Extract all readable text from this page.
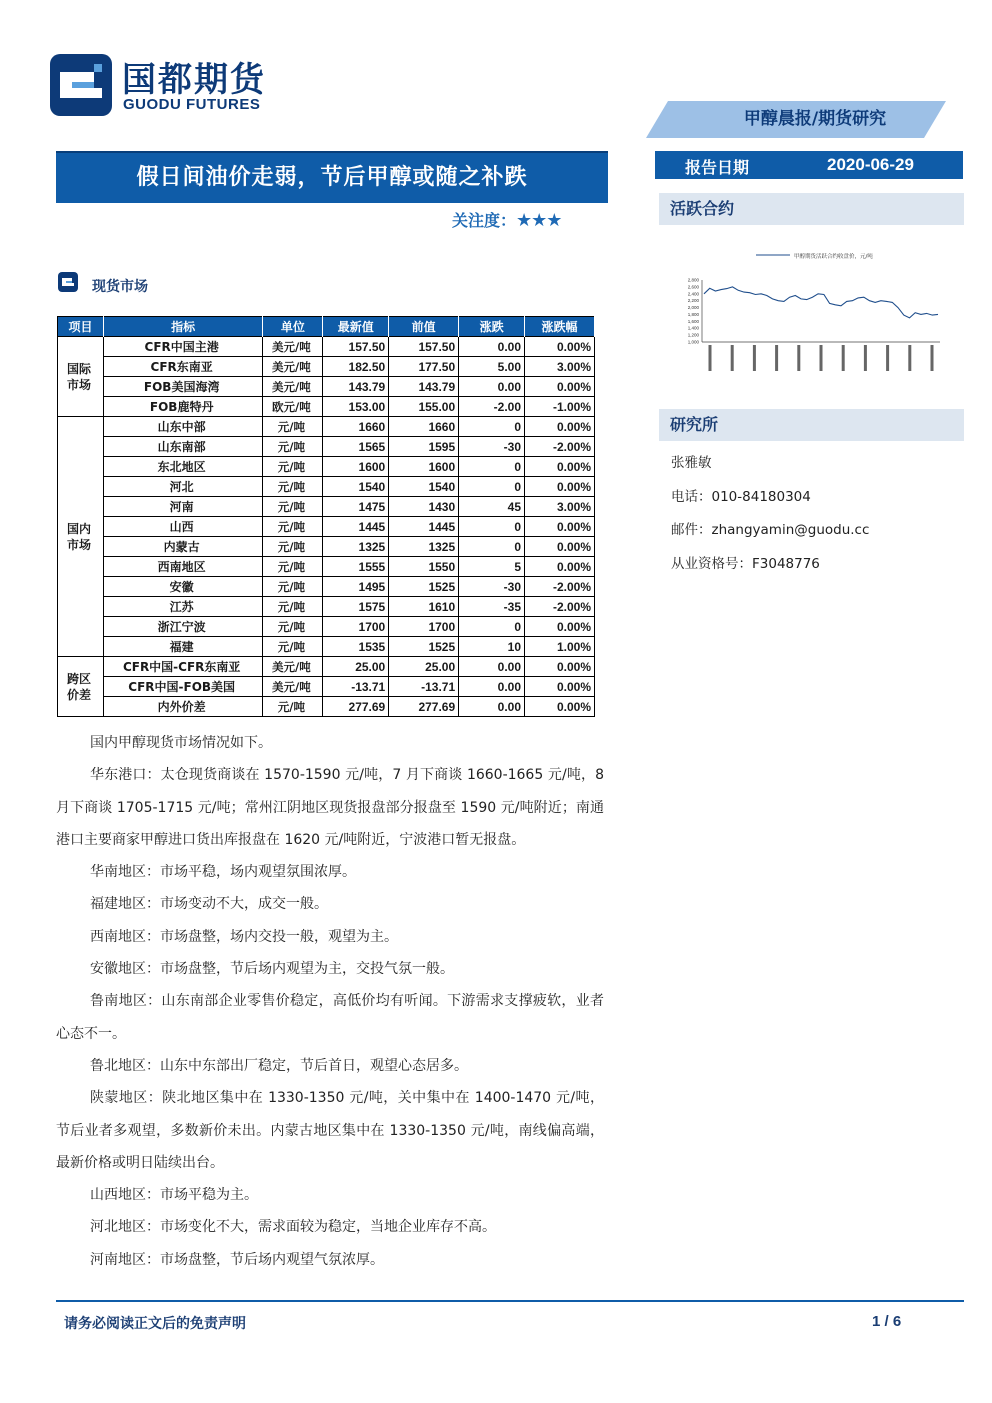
国都期货
GUODU FUTURES
甲醇晨报/期货研究
报告日期	2020-06-29
活跃合约
甲醇期货活跃合约收盘价，元/吨
2,800
2,600
2,400
2,200
2,000
1,800
1,600
1,400
1,200
1,000
研究所
张雅敏
电话：010-84180304
邮件：zhangyamin@guodu.cc
从业资格号：F3048776
假日间油价走弱，节后甲醇或随之补跌
关注度：★★★
现货市场
项目	指标	单位	最新值	前值	涨跌	涨跌幅

国际
市场	CFR中国主港	美元/吨	157.50	157.50	0.00	0.00%
	CFR东南亚	美元/吨	182.50	177.50	5.00	3.00%
	FOB美国海湾	美元/吨	143.79	143.79	0.00	0.00%
	FOB鹿特丹	欧元/吨	153.00	155.00	-2.00	-1.00%

国内
市场	山东中部	元/吨	1660	1660	0	0.00%
	山东南部	元/吨	1565	1595	-30	-2.00%
	东北地区	元/吨	1600	1600	0	0.00%
	河北	元/吨	1540	1540	0	0.00%
	河南	元/吨	1475	1430	45	3.00%
	山西	元/吨	1445	1445	0	0.00%
	内蒙古	元/吨	1325	1325	0	0.00%
	西南地区	元/吨	1555	1550	5	0.00%
	安徽	元/吨	1495	1525	-30	-2.00%
	江苏	元/吨	1575	1610	-35	-2.00%
	浙江宁波	元/吨	1700	1700	0	0.00%
	福建	元/吨	1535	1525	10	1.00%

跨区
价差	CFR中国-CFR东南亚	美元/吨	25.00	25.00	0.00	0.00%
	CFR中国-FOB美国	美元/吨	-13.71	-13.71	0.00	0.00%
	内外价差	元/吨	277.69	277.69	0.00	0.00%

国内甲醇现货市场情况如下。

华东港口：太仓现货商谈在 1570-1590 元/吨，7 月下商谈 1660-1665 元/吨，8 月下商谈 1705-1715 元/吨；常州江阴地区现货报盘部分报盘至 1590 元/吨附近；南通港口主要商家甲醇进口货出库报盘在 1620 元/吨附近，宁波港口暂无报盘。

华南地区：市场平稳，场内观望氛围浓厚。

福建地区：市场变动不大，成交一般。

西南地区：市场盘整，场内交投一般，观望为主。

安徽地区：市场盘整，节后场内观望为主，交投气氛一般。

鲁南地区：山东南部企业零售价稳定，高低价均有听闻。下游需求支撑疲软，业者心态不一。

鲁北地区：山东中东部出厂稳定，节后首日，观望心态居多。

陕蒙地区：陕北地区集中在 1330-1350 元/吨，关中集中在 1400-1470 元/吨，节后业者多观望，多数新价未出。内蒙古地区集中在 1330-1350 元/吨，南线偏高端，最新价格或明日陆续出台。

山西地区：市场平稳为主。

河北地区：市场变化不大，需求面较为稳定，当地企业库存不高。

河南地区：市场盘整，节后场内观望气氛浓厚。

请务必阅读正文后的免责声明	1 / 6
